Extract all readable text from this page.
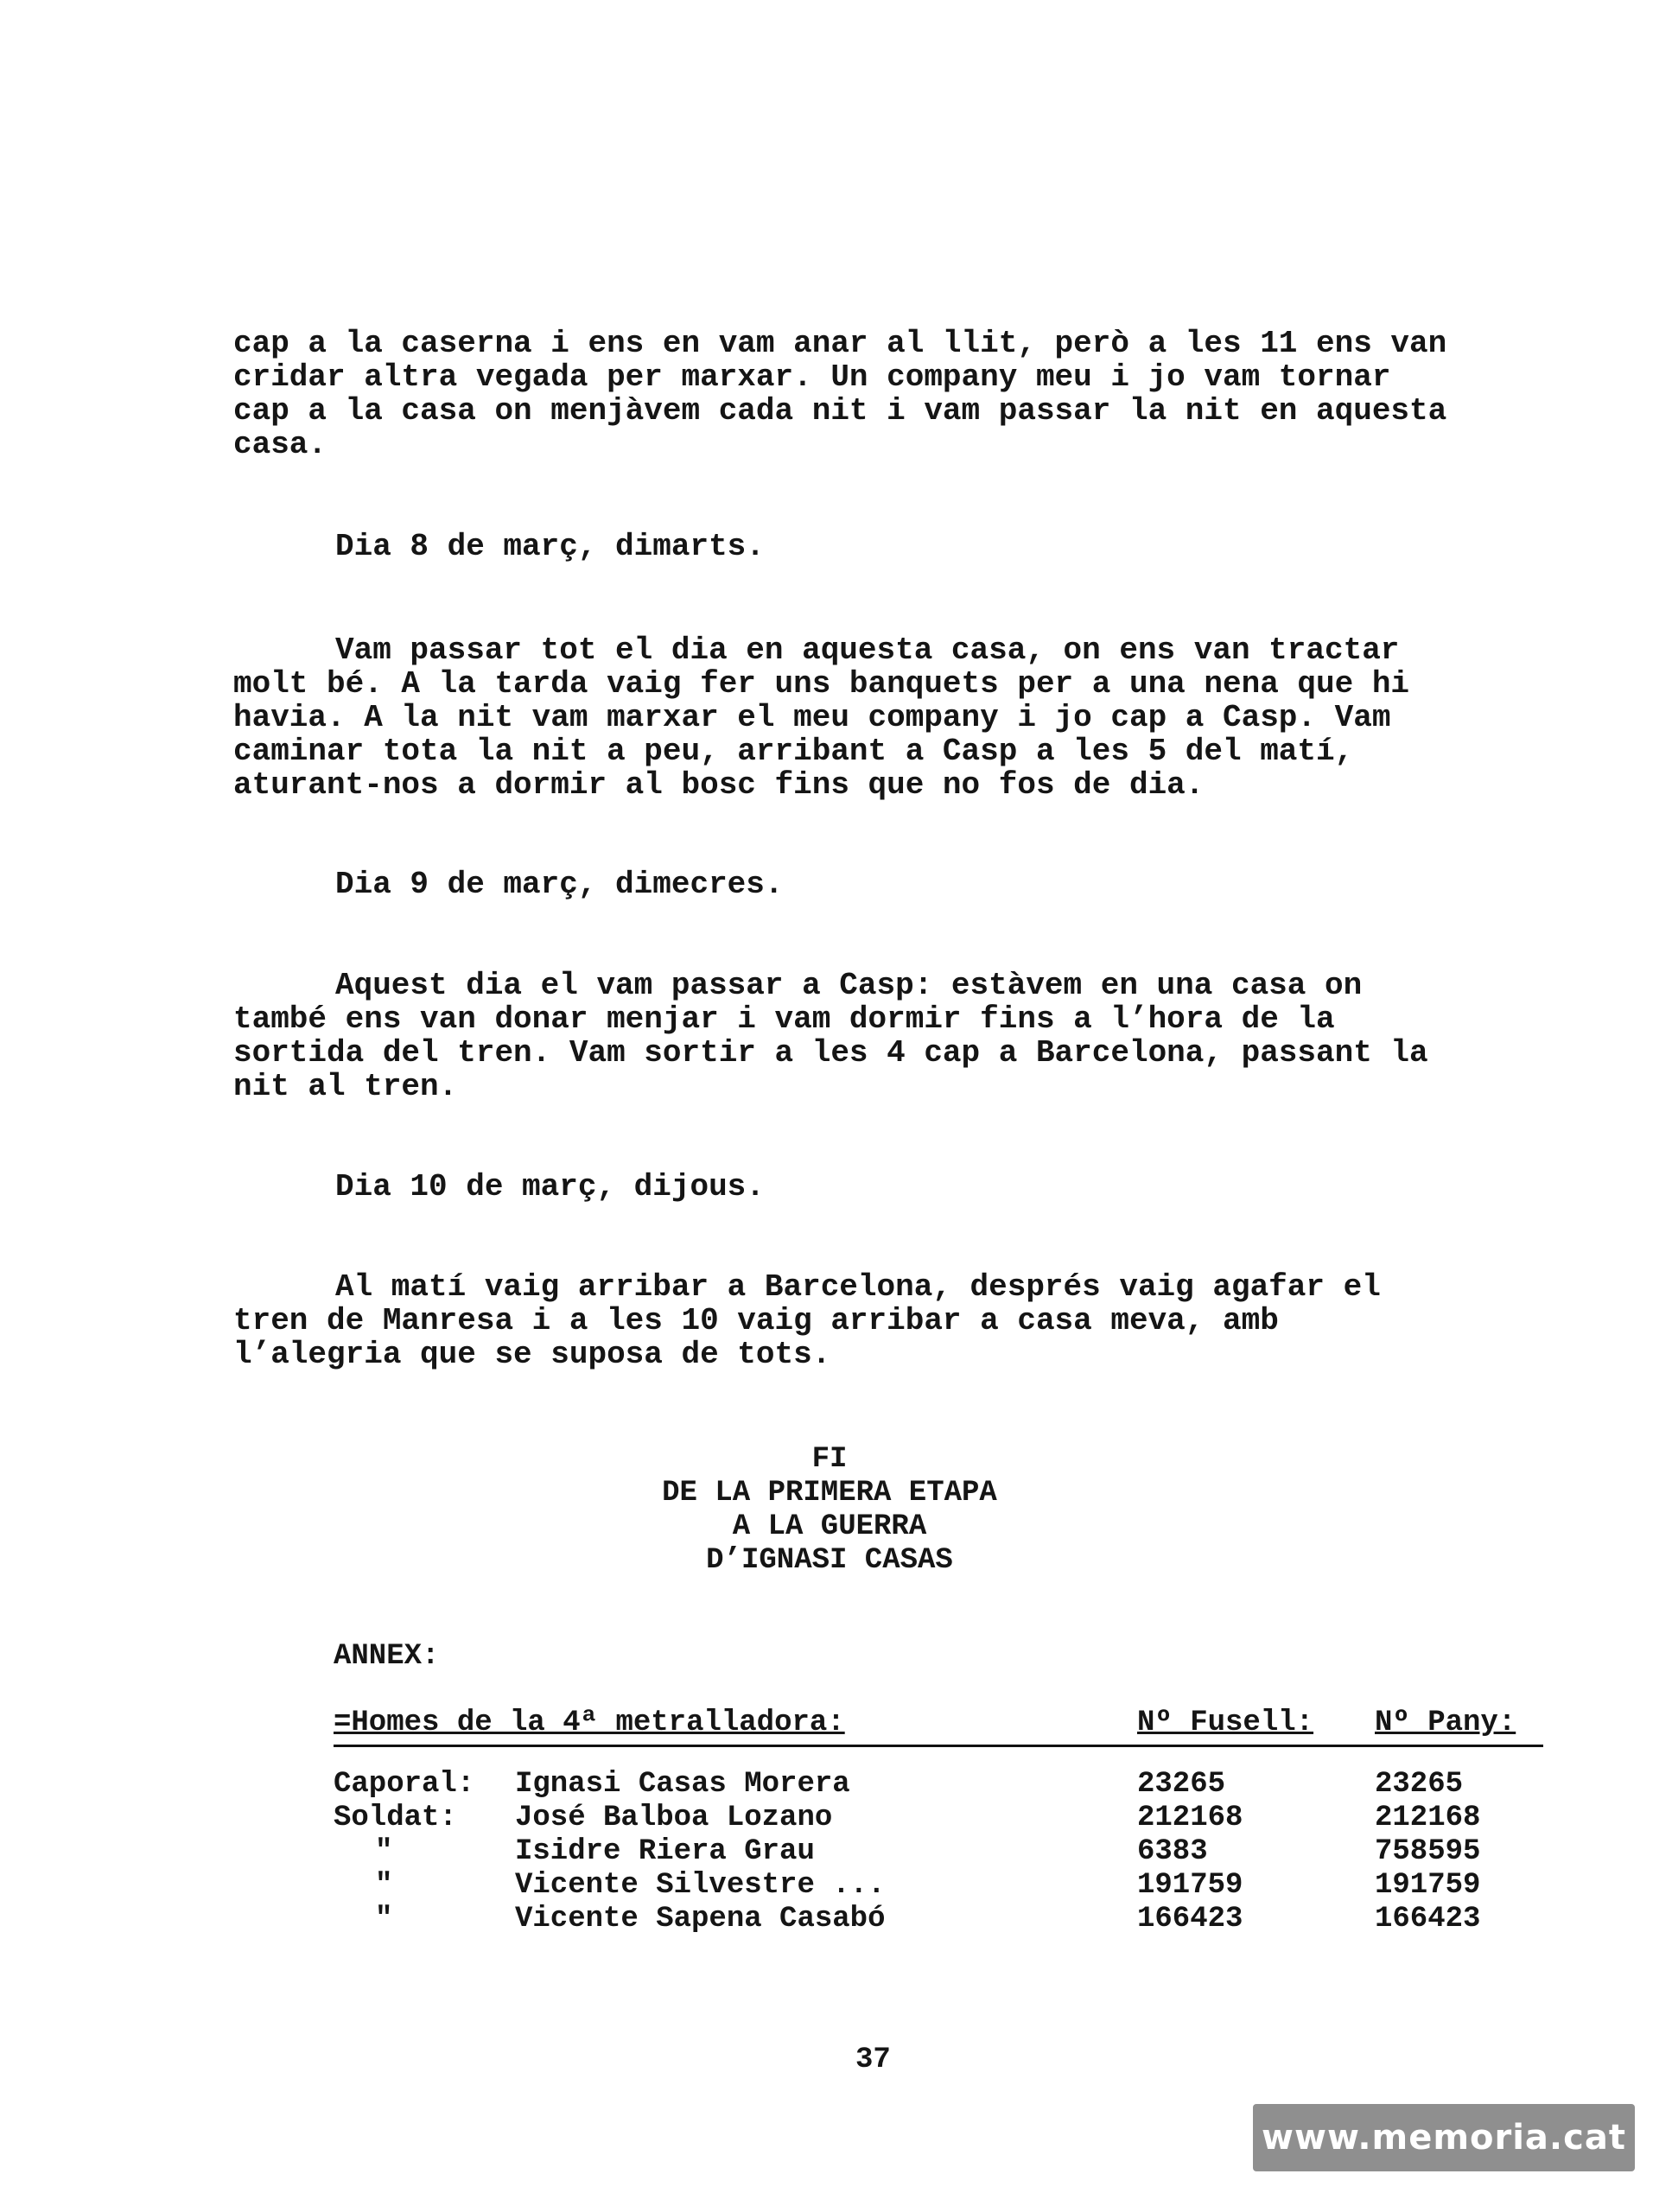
cap a la caserna i ens en vam anar al llit, però a les 11 ens van
cridar altra vegada per marxar. Un company meu i jo vam tornar
cap a la casa on menjàvem cada nit i vam passar la nit en aquesta
casa.
Dia 8 de març, dimarts.
Vam passar tot el dia en aquesta casa, on ens van tractar
molt bé. A la tarda vaig fer uns banquets per a una nena que hi
havia. A la nit vam marxar el meu company i jo cap a Casp. Vam
caminar tota la nit a peu, arribant a Casp a les 5 del matí,
aturant-nos a dormir al bosc fins que no fos de dia.
Dia 9 de març, dimecres.
Aquest dia el vam passar a Casp: estàvem en una casa on
també ens van donar menjar i vam dormir fins a l’hora de la
sortida del tren. Vam sortir a les 4 cap a Barcelona, passant la
nit al tren.
Dia 10 de març, dijous.
Al matí vaig arribar a Barcelona, després vaig agafar el
tren de Manresa i a les 10 vaig arribar a casa meva, amb
l’alegria que se suposa de tots.
FI
DE LA PRIMERA ETAPA
A LA GUERRA
D’IGNASI CASAS
ANNEX:
=Homes de la 4ª metralladora:	Nº Fusell: Nº Pany:
Caporal: Ignasi Casas Morera	23265	23265
Soldat: José Balboa Lozano	212168	212168
"	Isidre Riera Grau	6383	758595
"	Vicente Silvestre ...	191759	191759
"	Vicente Sapena Casabó	166423	166423
37
www.memoria.cat
